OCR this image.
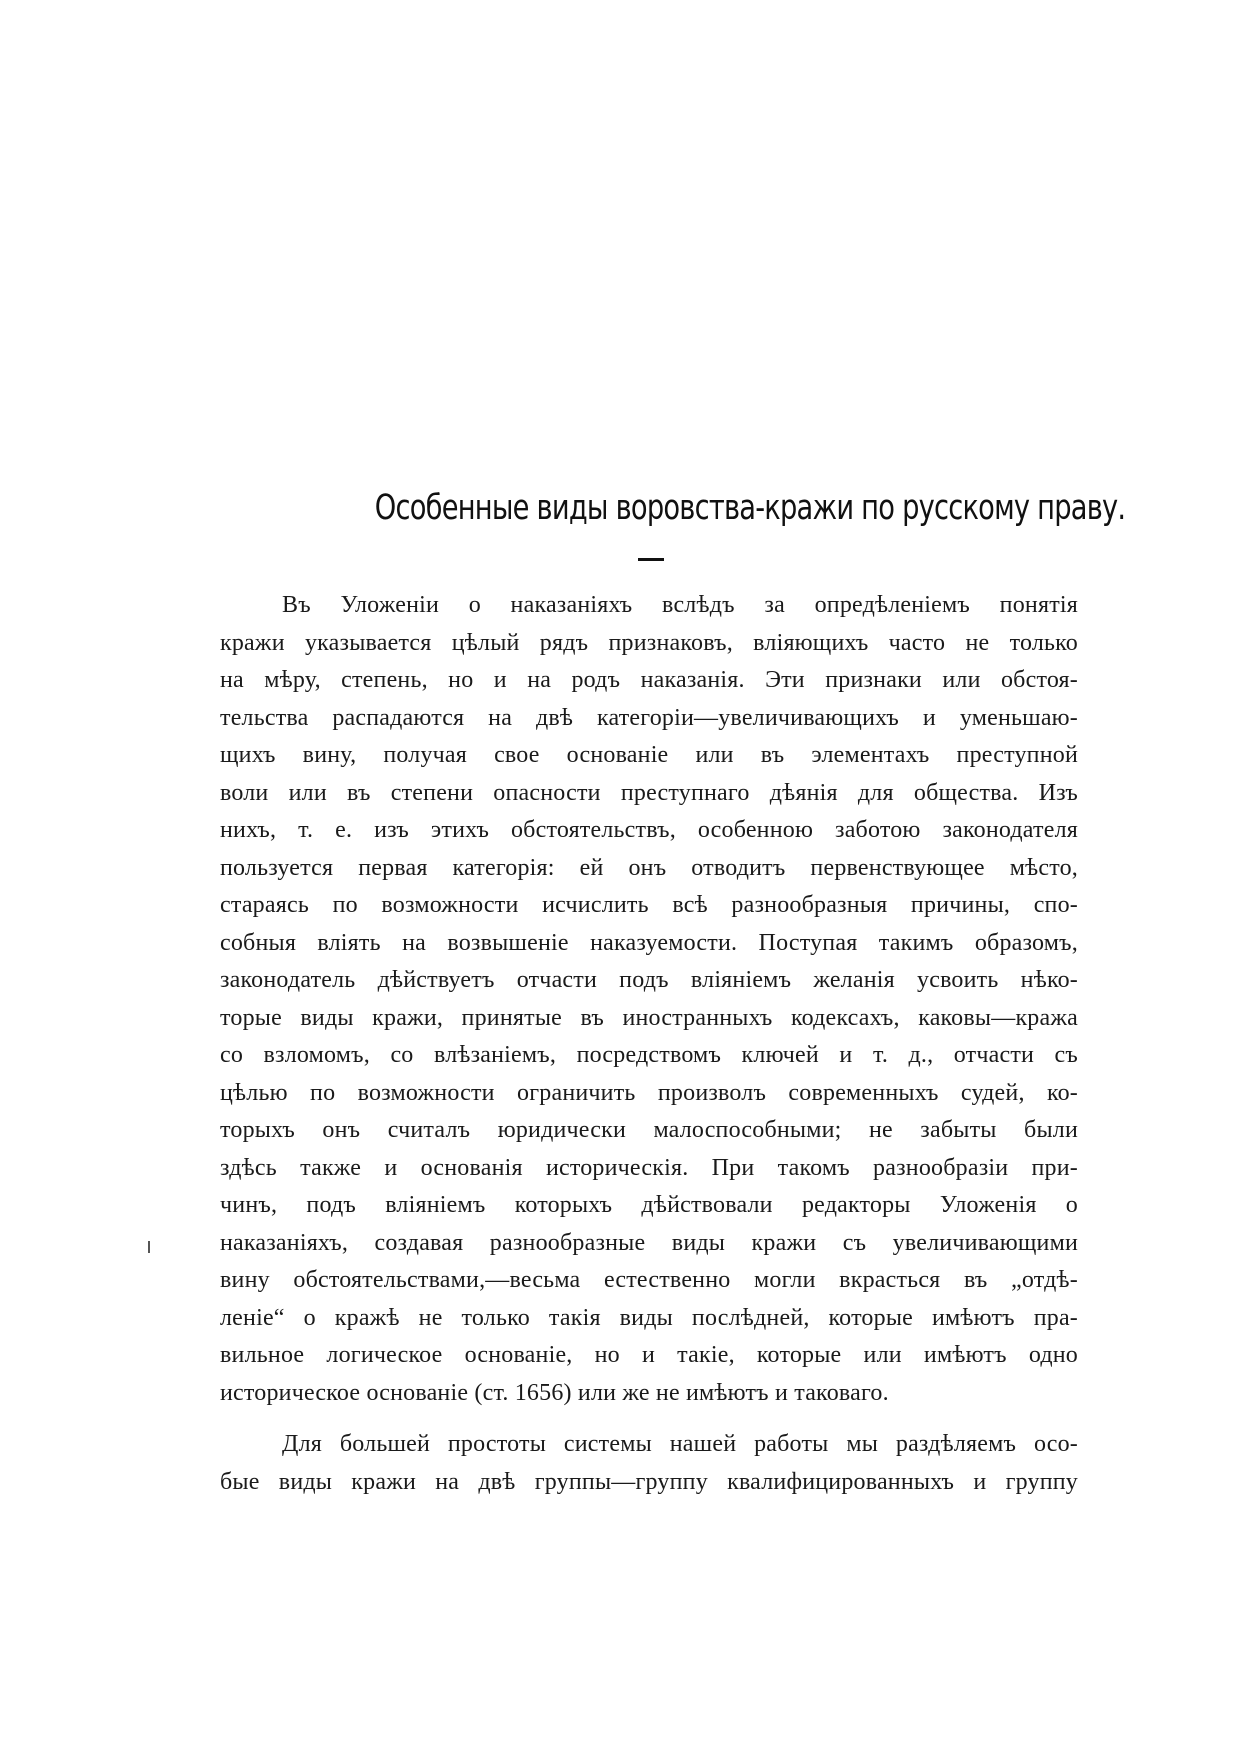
Особенные виды воровства-кражи по русскому праву.
Въ Уложеніи о наказаніяхъ вслѣдъ за опредѣленіемъ понятія
кражи указывается цѣлый рядъ признаковъ, вліяющихъ часто не только
на мѣру, степень, но и на родъ наказанія. Эти признаки или обстоя-
тельства распадаются на двѣ категоріи—увеличивающихъ и уменьшаю-
щихъ вину, получая свое основаніе или въ элементахъ преступной
воли или въ степени опасности преступнаго дѣянія для общества. Изъ
нихъ, т. е. изъ этихъ обстоятельствъ, особенною заботою законодателя
пользуется первая категорія: ей онъ отводитъ первенствующее мѣсто,
стараясь по возможности исчислить всѣ разнообразныя причины, спо-
собныя вліять на возвышеніе наказуемости. Поступая такимъ образомъ,
законодатель дѣйствуетъ отчасти подъ вліяніемъ желанія усвоить нѣко-
торые виды кражи, принятые въ иностранныхъ кодексахъ, каковы—кража
со взломомъ, со влѣзаніемъ, посредствомъ ключей и т. д., отчасти съ
цѣлью по возможности ограничить произволъ современныхъ судей, ко-
торыхъ онъ считалъ юридически малоспособными; не забыты были
здѣсь также и основанія историческія. При такомъ разнообразіи при-
чинъ, подъ вліяніемъ которыхъ дѣйствовали редакторы Уложенія о
наказаніяхъ, создавая разнообразные виды кражи съ увеличивающими
вину обстоятельствами,—весьма естественно могли вкрасться въ „отдѣ-
леніе“ о кражѣ не только такія виды послѣдней, которые имѣютъ пра-
вильное логическое основаніе, но и такіе, которые или имѣютъ одно
историческое основаніе (ст. 1656) или же не имѣютъ и таковаго.
Для большей простоты системы нашей работы мы раздѣляемъ осо-
бые виды кражи на двѣ группы—группу квалифицированныхъ и группу
